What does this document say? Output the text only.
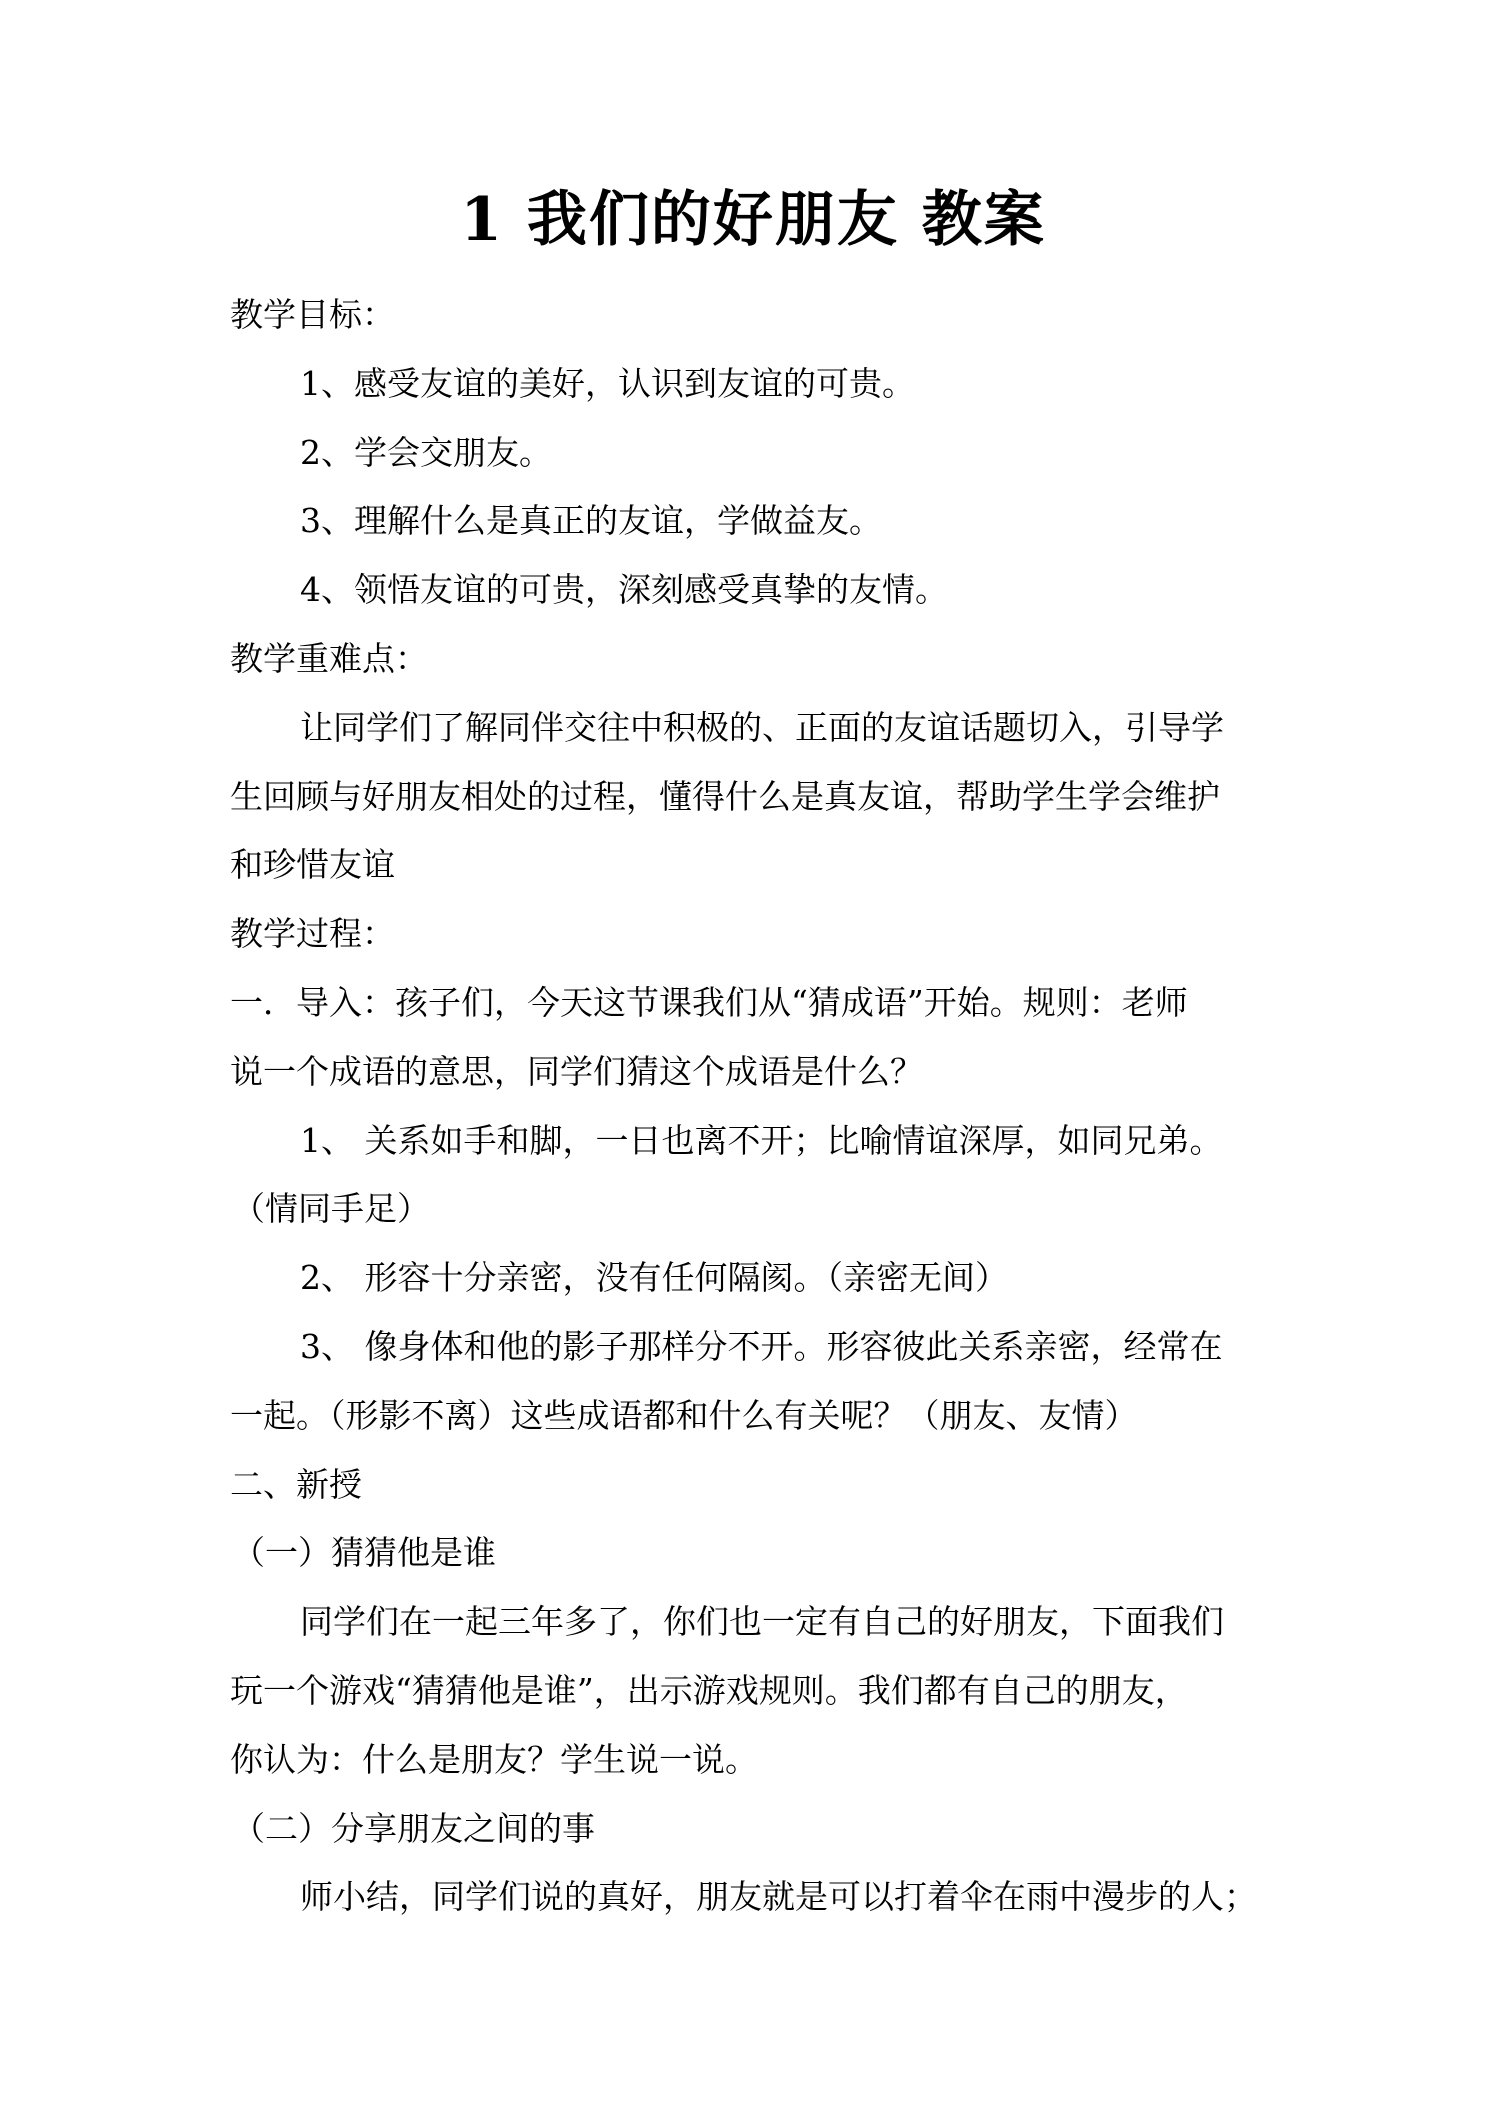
1 我们的好朋友 教案
教学目标：
1、感受友谊的美好，认识到友谊的可贵。
2、学会交朋友。
3、理解什么是真正的友谊，学做益友。
4、领悟友谊的可贵，深刻感受真挚的友情。
教学重难点：
让同学们了解同伴交往中积极的、正面的友谊话题切入，引导学
生回顾与好朋友相处的过程，懂得什么是真友谊，帮助学生学会维护
和珍惜友谊
教学过程：
一．导入：孩子们，今天这节课我们从“猜成语”开始。规则：老师
说一个成语的意思，同学们猜这个成语是什么？
1、 关系如手和脚，一日也离不开；比喻情谊深厚，如同兄弟。
（情同手足）
2、 形容十分亲密，没有任何隔阂。（亲密无间）
3、 像身体和他的影子那样分不开。形容彼此关系亲密，经常在
一起。（形影不离）这些成语都和什么有关呢？（朋友、友情）
二、新授
（一）猜猜他是谁
同学们在一起三年多了，你们也一定有自己的好朋友，下面我们
玩一个游戏“猜猜他是谁”，出示游戏规则。我们都有自己的朋友，
你认为：什么是朋友？学生说一说。
（二）分享朋友之间的事
师小结，同学们说的真好，朋友就是可以打着伞在雨中漫步的人；
